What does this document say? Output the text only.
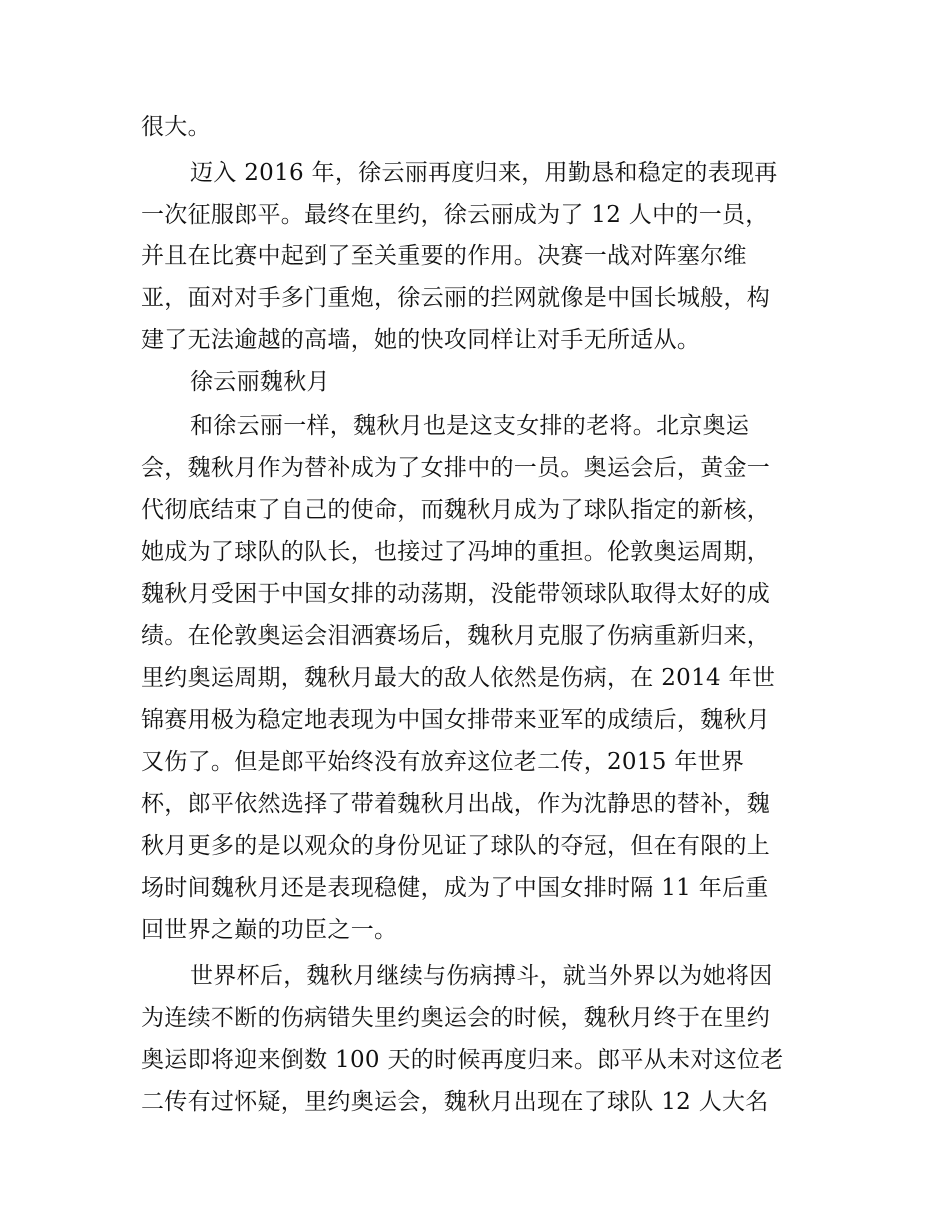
很大。
迈入 2016 年，徐云丽再度归来，用勤恳和稳定的表现再
一次征服郎平。最终在里约，徐云丽成为了 12 人中的一员，
并且在比赛中起到了至关重要的作用。决赛一战对阵塞尔维
亚，面对对手多门重炮，徐云丽的拦网就像是中国长城般，构
建了无法逾越的高墙，她的快攻同样让对手无所适从。
徐云丽魏秋月
和徐云丽一样，魏秋月也是这支女排的老将。北京奥运
会，魏秋月作为替补成为了女排中的一员。奥运会后，黄金一
代彻底结束了自己的使命，而魏秋月成为了球队指定的新核，
她成为了球队的队长，也接过了冯坤的重担。伦敦奥运周期，
魏秋月受困于中国女排的动荡期，没能带领球队取得太好的成
绩。在伦敦奥运会泪洒赛场后，魏秋月克服了伤病重新归来，
里约奥运周期，魏秋月最大的敌人依然是伤病，在 2014 年世
锦赛用极为稳定地表现为中国女排带来亚军的成绩后，魏秋月
又伤了。但是郎平始终没有放弃这位老二传，2015 年世界
杯，郎平依然选择了带着魏秋月出战，作为沈静思的替补，魏
秋月更多的是以观众的身份见证了球队的夺冠，但在有限的上
场时间魏秋月还是表现稳健，成为了中国女排时隔 11 年后重
回世界之巅的功臣之一。
世界杯后，魏秋月继续与伤病搏斗，就当外界以为她将因
为连续不断的伤病错失里约奥运会的时候，魏秋月终于在里约
奥运即将迎来倒数 100 天的时候再度归来。郎平从未对这位老
二传有过怀疑，里约奥运会，魏秋月出现在了球队 12 人大名
